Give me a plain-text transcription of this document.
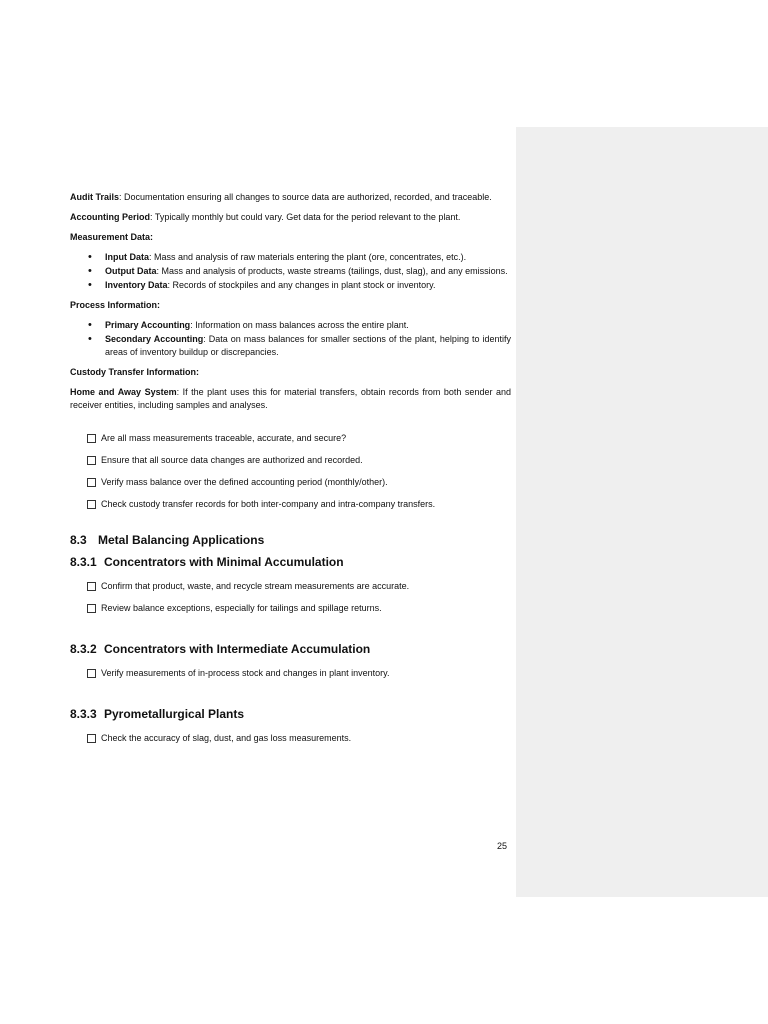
Audit Trails: Documentation ensuring all changes to source data are authorized, recorded, and traceable.

Accounting Period: Typically monthly but could vary. Get data for the period relevant to the plant.

Measurement Data:

• Input Data: Mass and analysis of raw materials entering the plant (ore, concentrates, etc.).
• Output Data: Mass and analysis of products, waste streams (tailings, dust, slag), and any emissions.
• Inventory Data: Records of stockpiles and any changes in plant stock or inventory.

Process Information:

• Primary Accounting: Information on mass balances across the entire plant.
• Secondary Accounting: Data on mass balances for smaller sections of the plant, helping to identify areas of inventory buildup or discrepancies.

Custody Transfer Information:

Home and Away System: If the plant uses this for material transfers, obtain records from both sender and receiver entities, including samples and analyses.

Are all mass measurements traceable, accurate, and secure?
Ensure that all source data changes are authorized and recorded.
Verify mass balance over the defined accounting period (monthly/other).
Check custody transfer records for both inter-company and intra-company transfers.

8.3 Metal Balancing Applications

8.3.1 Concentrators with Minimal Accumulation

Confirm that product, waste, and recycle stream measurements are accurate.
Review balance exceptions, especially for tailings and spillage returns.

8.3.2 Concentrators with Intermediate Accumulation

Verify measurements of in-process stock and changes in plant inventory.

8.3.3 Pyrometallurgical Plants

Check the accuracy of slag, dust, and gas loss measurements.
25
